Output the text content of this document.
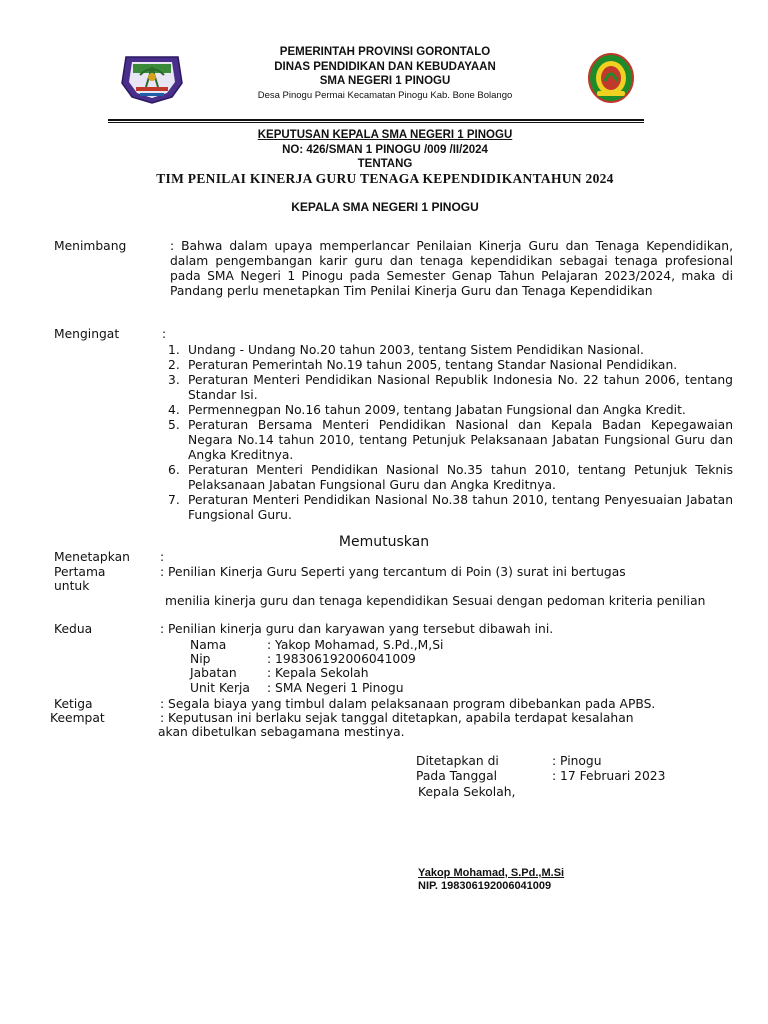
PEMERINTAH PROVINSI GORONTALO
DINAS PENDIDIKAN DAN KEBUDAYAAN
SMA NEGERI 1 PINOGU
Desa Pinogu Permai Kecamatan Pinogu Kab. Bone Bolango
KEPUTUSAN KEPALA SMA NEGERI 1 PINOGU
NO: 426/SMAN 1 PINOGU /009 /II/2024
TENTANG
TIM PENILAI KINERJA GURU TENAGA KEPENDIDIKANTAHUN 2024
KEPALA SMA NEGERI 1 PINOGU
Menimbang	: Bahwa dalam upaya memperlancar Penilaian Kinerja Guru dan Tenaga Kependidikan, dalam pengembangan karir guru dan tenaga kependidikan sebagai tenaga profesional pada SMA Negeri 1 Pinogu pada Semester Genap Tahun Pelajaran 2023/2024, maka di Pandang perlu menetapkan Tim Penilai Kinerja Guru dan Tenaga Kependidikan
Mengingat	:
1. Undang - Undang No.20 tahun 2003, tentang Sistem Pendidikan Nasional.
2. Peraturan Pemerintah No.19 tahun 2005, tentang Standar Nasional Pendidikan.
3. Peraturan Menteri Pendidikan Nasional Republik Indonesia No. 22 tahun 2006, tentang Standar Isi.
4. Permennegpan No.16 tahun 2009, tentang Jabatan Fungsional dan Angka Kredit.
5. Peraturan Bersama Menteri Pendidikan Nasional dan Kepala Badan Kepegawaian Negara No.14 tahun 2010, tentang Petunjuk Pelaksanaan Jabatan Fungsional Guru dan Angka Kreditnya.
6. Peraturan Menteri Pendidikan Nasional No.35 tahun 2010, tentang Petunjuk Teknis Pelaksanaan Jabatan Fungsional Guru dan Angka Kreditnya.
7. Peraturan Menteri Pendidikan Nasional No.38 tahun 2010, tentang Penyesuaian Jabatan Fungsional Guru.
Memutuskan
Menetapkan :
Pertama
untuk
: Penilian Kinerja Guru Seperti yang tercantum di Poin (3) surat ini bertugas
menilia kinerja guru dan tenaga kependidikan Sesuai dengan pedoman kriteria penilian
Kedua	: Penilian kinerja guru dan karyawan yang tersebut dibawah ini.
Nama	: Yakop Mohamad, S.Pd.,M,Si
Nip	: 198306192006041009
Jabatan : Kepala Sekolah
Unit Kerja : SMA Negeri 1 Pinogu
Ketiga	: Segala biaya yang timbul dalam pelaksanaan program dibebankan pada APBS.
Keempat	: Keputusan ini berlaku sejak tanggal ditetapkan, apabila terdapat kesalahan
akan dibetulkan sebagamana mestinya.
Ditetapkan di	: Pinogu
Pada Tanggal	: 17 Februari 2023
Kepala Sekolah,
Yakop Mohamad, S.Pd.,M.Si
NIP. 198306192006041009
